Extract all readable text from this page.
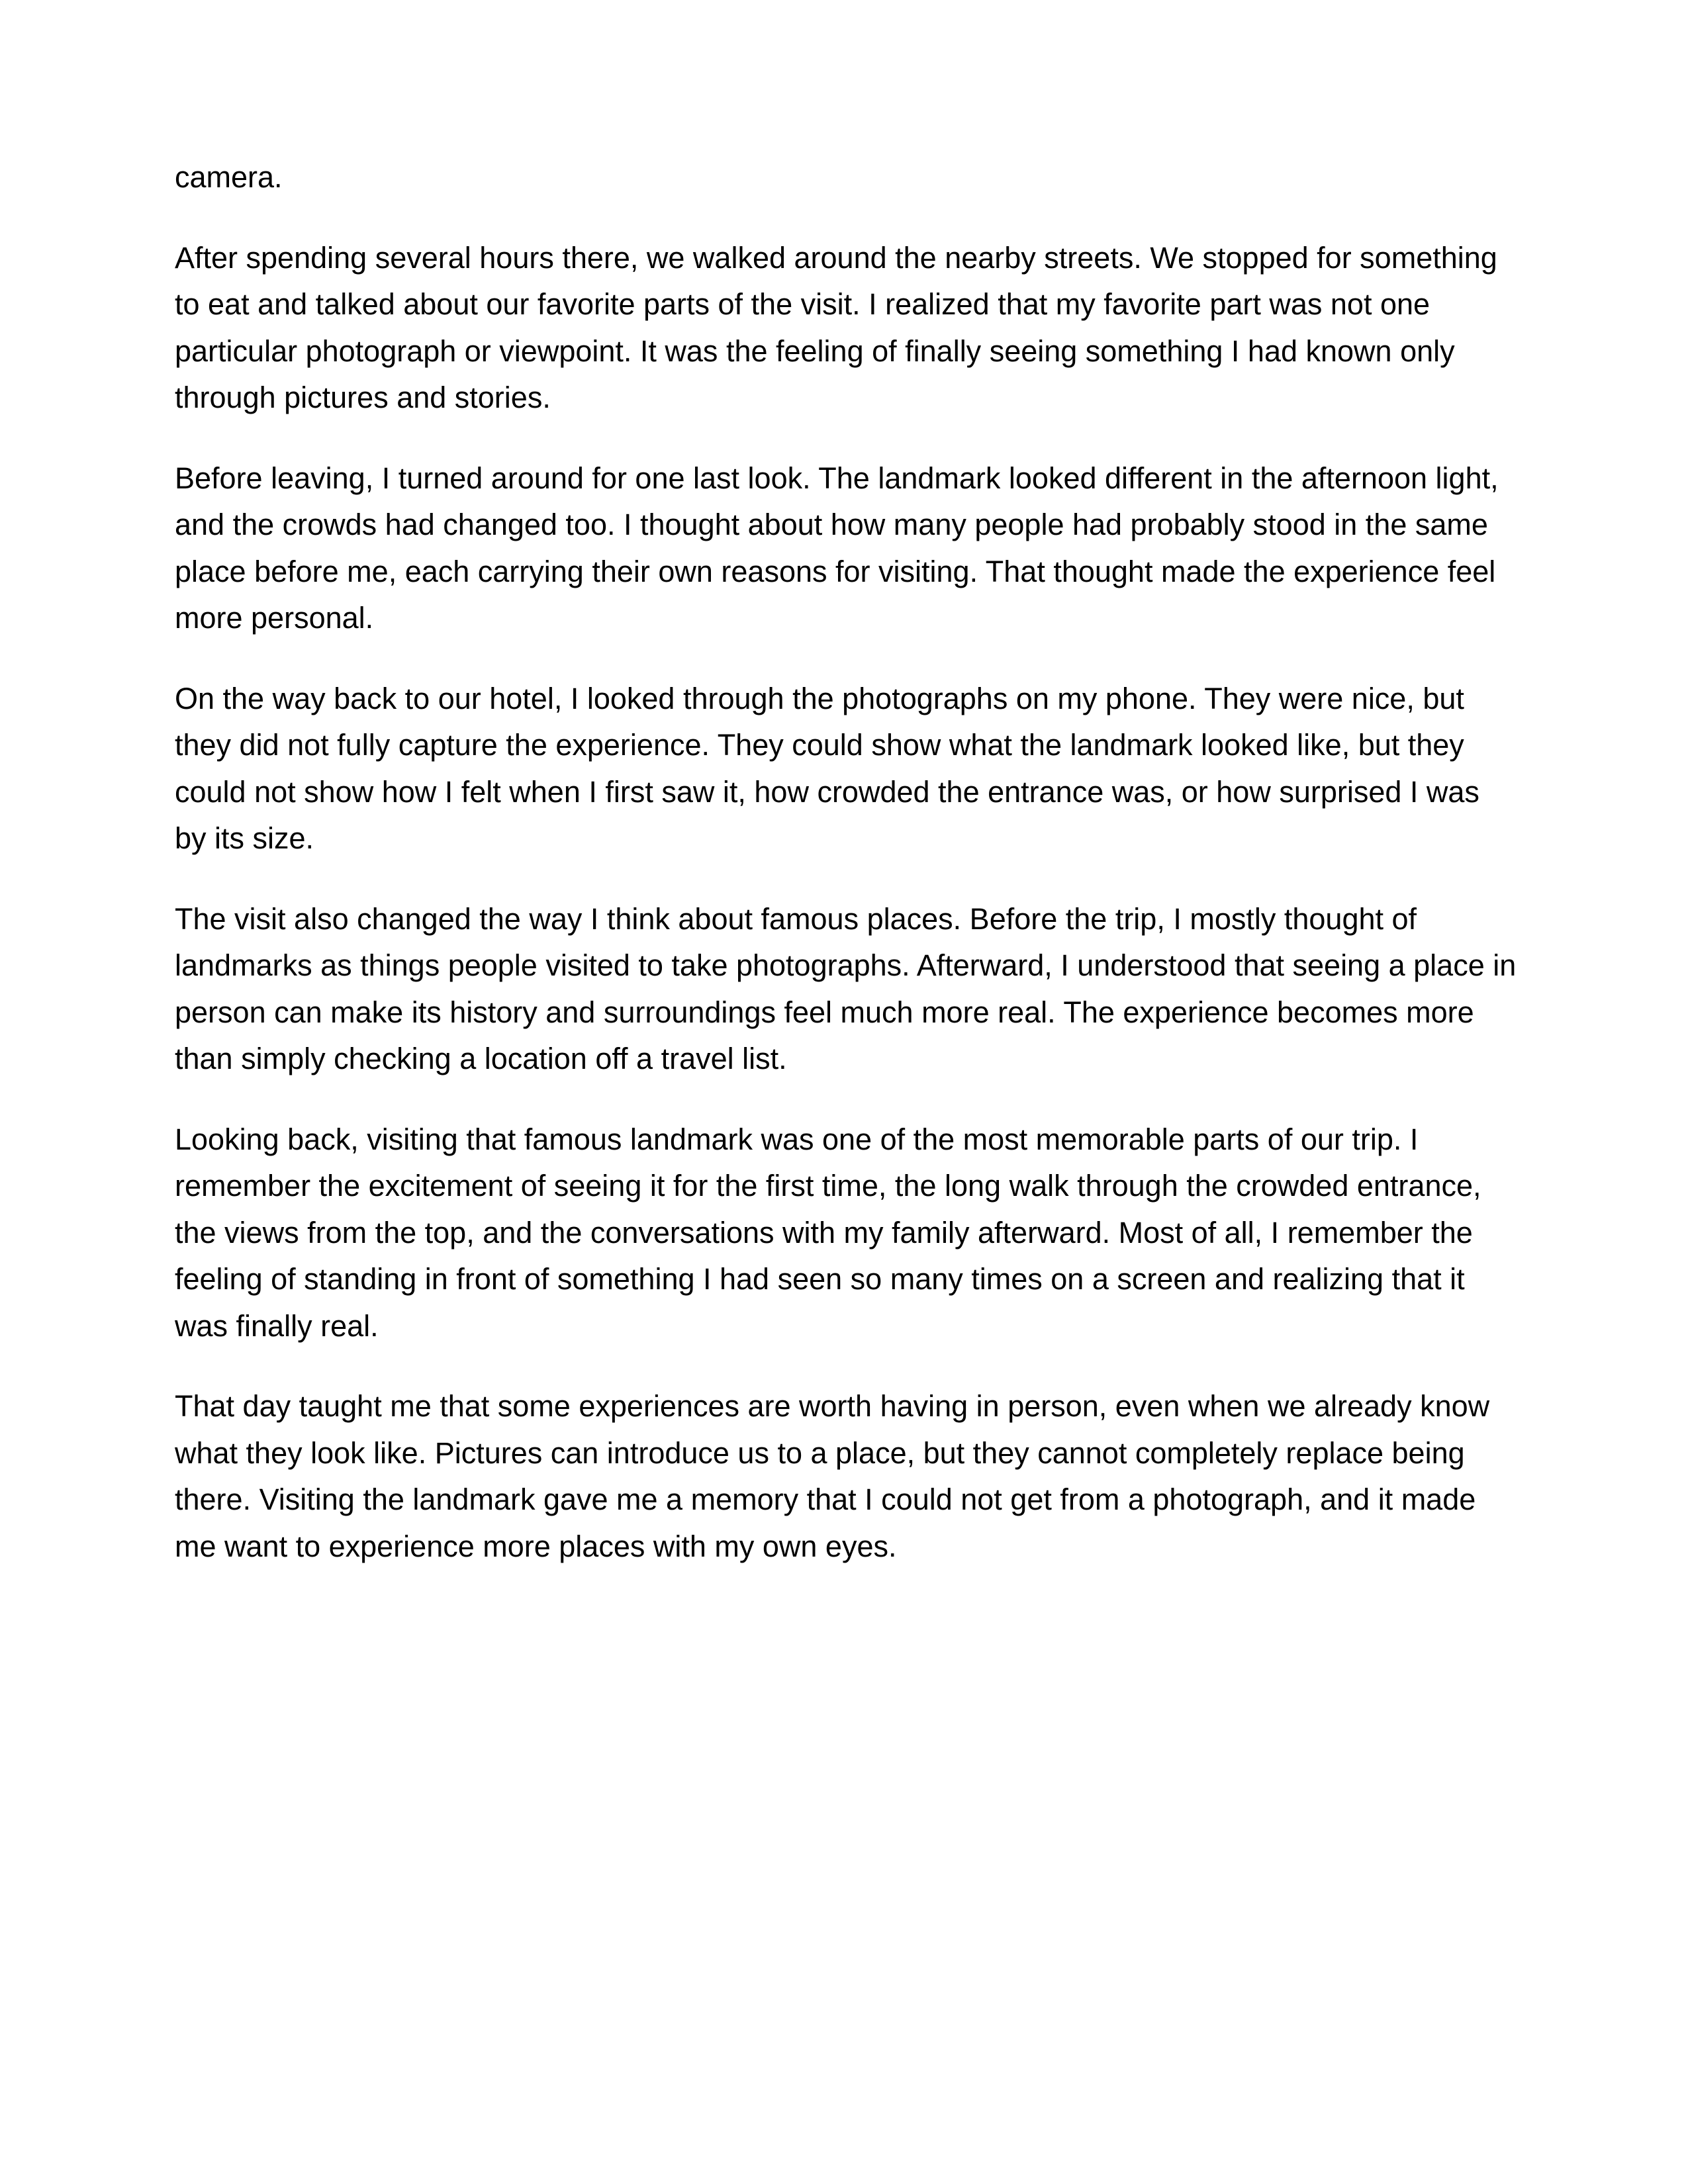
camera.

After spending several hours there, we walked around the nearby streets. We stopped for something to eat and talked about our favorite parts of the visit. I realized that my favorite part was not one particular photograph or viewpoint. It was the feeling of finally seeing something I had known only through pictures and stories.

Before leaving, I turned around for one last look. The landmark looked different in the afternoon light, and the crowds had changed too. I thought about how many people had probably stood in the same place before me, each carrying their own reasons for visiting. That thought made the experience feel more personal.

On the way back to our hotel, I looked through the photographs on my phone. They were nice, but they did not fully capture the experience. They could show what the landmark looked like, but they could not show how I felt when I first saw it, how crowded the entrance was, or how surprised I was by its size.

The visit also changed the way I think about famous places. Before the trip, I mostly thought of landmarks as things people visited to take photographs. Afterward, I understood that seeing a place in person can make its history and surroundings feel much more real. The experience becomes more than simply checking a location off a travel list.

Looking back, visiting that famous landmark was one of the most memorable parts of our trip. I remember the excitement of seeing it for the first time, the long walk through the crowded entrance, the views from the top, and the conversations with my family afterward. Most of all, I remember the feeling of standing in front of something I had seen so many times on a screen and realizing that it was finally real.

That day taught me that some experiences are worth having in person, even when we already know what they look like. Pictures can introduce us to a place, but they cannot completely replace being there. Visiting the landmark gave me a memory that I could not get from a photograph, and it made me want to experience more places with my own eyes.
